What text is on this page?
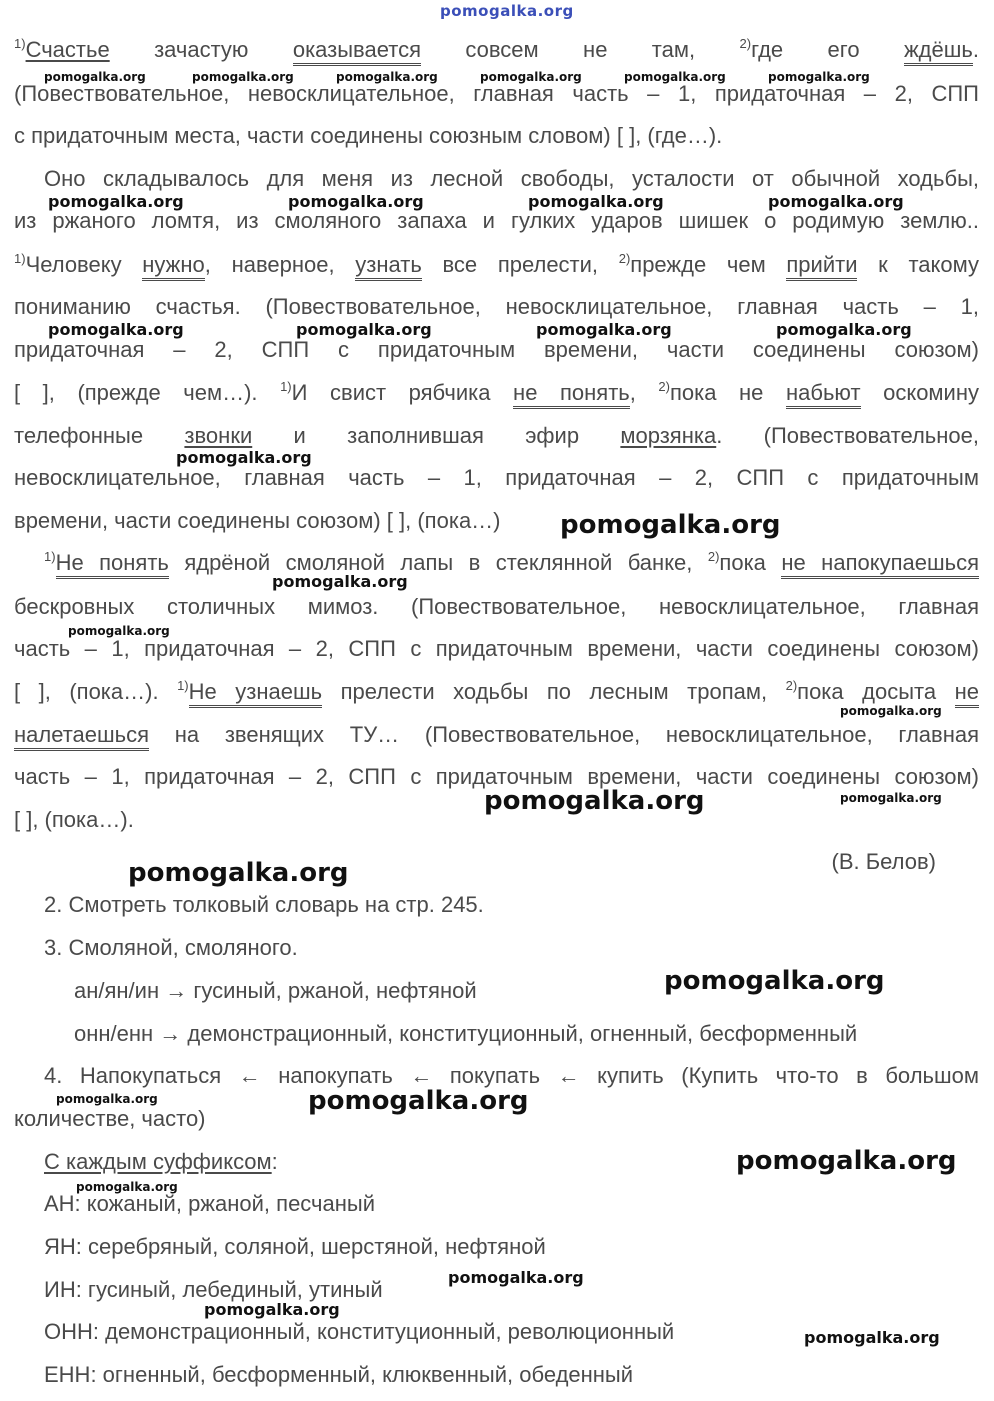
pomogalka.org
$^{1)}$Счастье зачастую оказывается совсем не там, $^{2)}$где его ждёшь.
(Повествовательное, невосклицательное, главная часть – 1, придаточная – 2, СПП
с придаточным места, части соединены союзным словом) [ ], (где…).
Оно складывалось для меня из лесной свободы, усталости от обычной ходьбы,
из ржаного ломтя, из смоляного запаха и гулких ударов шишек о родимую землю..
$^{1)}$Человеку нужно, наверное, узнать все прелести, $^{2)}$прежде чем прийти к такому
пониманию счастья. (Повествовательное, невосклицательное, главная часть – 1,
придаточная – 2, СПП с придаточным времени, части соединены союзом)
[ ], (прежде чем…). $^{1)}$И свист рябчика не понять, $^{2)}$пока не набьют оскомину
телефонные звонки и заполнившая эфир морзянка. (Повествовательное,
невосклицательное, главная часть – 1, придаточная – 2, СПП с придаточным
времени, части соединены союзом) [ ], (пока…)
$^{1)}$Не понять ядрёной смоляной лапы в стеклянной банке, $^{2)}$пока не напокупаешься
бескровных столичных мимоз. (Повествовательное, невосклицательное, главная
часть – 1, придаточная – 2, СПП с придаточным времени, части соединены союзом)
[ ], (пока…). $^{1)}$Не узнаешь прелести ходьбы по лесным тропам, $^{2)}$пока досыта не
налетаешься на звенящих ТУ… (Повествовательное, невосклицательное, главная
часть – 1, придаточная – 2, СПП с придаточным времени, части соединены союзом)
[ ], (пока…).
(В. Белов)
2. Смотреть толковый словарь на стр. 245.
3. Смоляной, смоляного.
ан/ян/ин → гусиный, ржаной, нефтяной
онн/енн → демонстрационный, конституционный, огненный, бесформенный
4. Напокупаться ← напокупать ← покупать ← купить (Купить что-то в большом
количестве, часто)
С каждым суффиксом:
АН: кожаный, ржаной, песчаный
ЯН: серебряный, соляной, шерстяной, нефтяной
ИН: гусиный, лебединый, утиный
ОНН: демонстрационный, конституционный, революционный
ЕНН: огненный, бесформенный, клюквенный, обеденный
pomogalka.org	pomogalka.org	pomogalka.org	pomogalka.org	pomogalka.org	pomogalka.org
pomogalka.org	pomogalka.org	pomogalka.org	pomogalka.org
pomogalka.org	pomogalka.org	pomogalka.org	pomogalka.org
pomogalka.org
pomogalka.org
pomogalka.org
pomogalka.org
pomogalka.org
pomogalka.org	pomogalka.org
pomogalka.org
pomogalka.org
pomogalka.org	pomogalka.org
pomogalka.org
pomogalka.org
pomogalka.org
pomogalka.org
pomogalka.org
